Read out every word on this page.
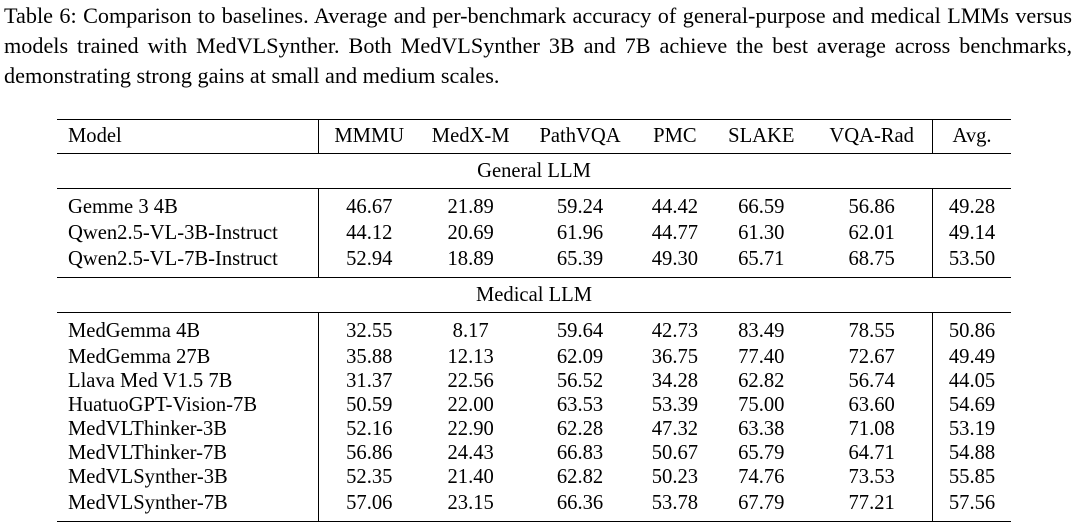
Table 6: Comparison to baselines. Average and per-benchmark accuracy of general-purpose and medical LMMs versus models trained with MedVLSynther. Both MedVLSynther 3B and 7B achieve the best average across benchmarks, demonstrating strong gains at small and medium scales.
Model	MMMU	MedX-M	PathVQA	PMC	SLAKE	VQA-Rad	Avg.
General LLM							
Gemme 3 4B	46.67	21.89	59.24	44.42	66.59	56.86	49.28
Qwen2.5-VL-3B-Instruct	44.12	20.69	61.96	44.77	61.30	62.01	49.14
Qwen2.5-VL-7B-Instruct	52.94	18.89	65.39	49.30	65.71	68.75	53.50
Medical LLM							
MedGemma 4B	32.55	8.17	59.64	42.73	83.49	78.55	50.86
MedGemma 27B	35.88	12.13	62.09	36.75	77.40	72.67	49.49
Llava Med V1.5 7B	31.37	22.56	56.52	34.28	62.82	56.74	44.05
HuatuoGPT-Vision-7B	50.59	22.00	63.53	53.39	75.00	63.60	54.69
MedVLThinker-3B	52.16	22.90	62.28	47.32	63.38	71.08	53.19
MedVLThinker-7B	56.86	24.43	66.83	50.67	65.79	64.71	54.88
MedVLSynther-3B	52.35	21.40	62.82	50.23	74.76	73.53	55.85
MedVLSynther-7B	57.06	23.15	66.36	53.78	67.79	77.21	57.56
